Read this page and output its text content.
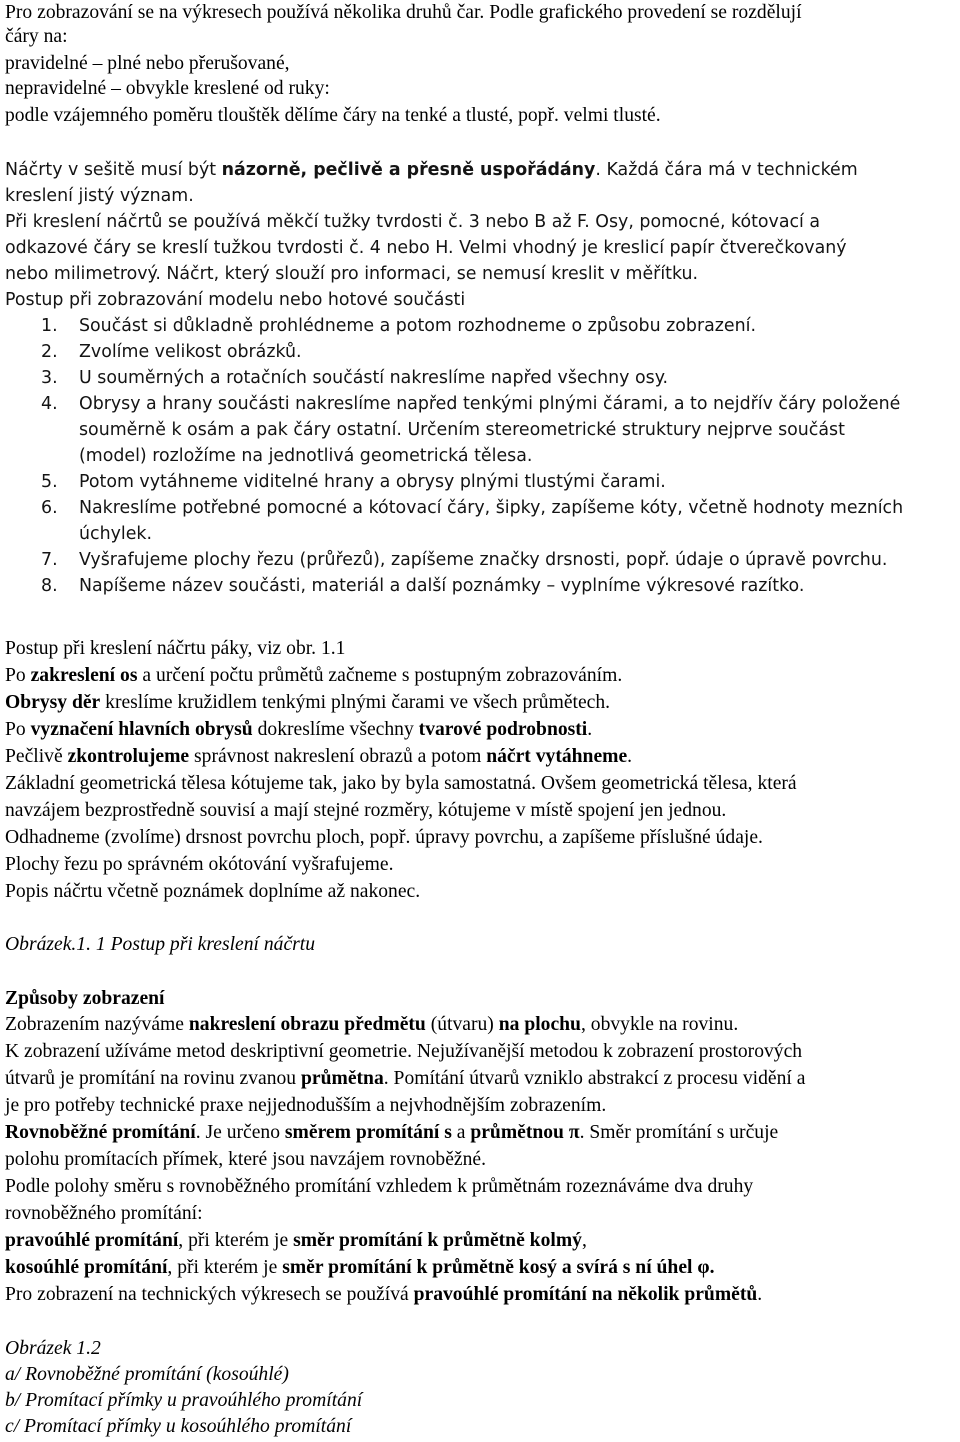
Pro zobrazování se na výkresech používá několika druhů čar. Podle grafického provedení se rozdělují
čáry na:
pravidelné – plné nebo přerušované,
nepravidelné – obvykle kreslené od ruky:
podle vzájemného poměru tlouštěk dělíme čáry na tenké a tlusté, popř. velmi tlusté.
Náčrty v sešitě musí být názorně, pečlivě a přesně uspořádány. Každá čára má v technickém
kreslení jistý význam.
Při kreslení náčrtů se používá měkčí tužky tvrdosti č. 3 nebo B až F. Osy, pomocné, kótovací a
odkazové čáry se kreslí tužkou tvrdosti č. 4 nebo H. Velmi vhodný je kreslicí papír čtverečkovaný
nebo milimetrový. Náčrt, který slouží pro informaci, se nemusí kreslit v měřítku.
Postup při zobrazování modelu nebo hotové součásti
1. Součást si důkladně prohlédneme a potom rozhodneme o způsobu zobrazení.
2. Zvolíme velikost obrázků.
3. U souměrných a rotačních součástí nakreslíme napřed všechny osy.
4. Obrysy a hrany součásti nakreslíme napřed tenkými plnými čárami, a to nejdřív čáry položené
souměrně k osám a pak čáry ostatní. Určením stereometrické struktury nejprve součást
(model) rozložíme na jednotlivá geometrická tělesa.
5. Potom vytáhneme viditelné hrany a obrysy plnými tlustými čarami.
6. Nakreslíme potřebné pomocné a kótovací čáry, šipky, zapíšeme kóty, včetně hodnoty mezních
úchylek.
7. Vyšrafujeme plochy řezu (průřezů), zapíšeme značky drsnosti, popř. údaje o úpravě povrchu.
8. Napíšeme název součásti, materiál a další poznámky – vyplníme výkresové razítko.
Postup při kreslení náčrtu páky, viz obr. 1.1
Po zakreslení os a určení počtu průmětů začneme s postupným zobrazováním.
Obrysy děr kreslíme kružidlem tenkými plnými čarami ve všech průmětech.
Po vyznačení hlavních obrysů dokreslíme všechny tvarové podrobnosti.
Pečlivě zkontrolujeme správnost nakreslení obrazů a potom náčrt vytáhneme.
Základní geometrická tělesa kótujeme tak, jako by byla samostatná. Ovšem geometrická tělesa, která
navzájem bezprostředně souvisí a mají stejné rozměry, kótujeme v místě spojení jen jednou.
Odhadneme (zvolíme) drsnost povrchu ploch, popř. úpravy povrchu, a zapíšeme příslušné údaje.
Plochy řezu po správném okótování vyšrafujeme.
Popis náčrtu včetně poznámek doplníme až nakonec.
Obrázek.1. 1 Postup při kreslení náčrtu
Způsoby zobrazení
Zobrazením nazýváme nakreslení obrazu předmětu (útvaru) na plochu, obvykle na rovinu.
K zobrazení užíváme metod deskriptivní geometrie. Nejužívanější metodou k zobrazení prostorových
útvarů je promítání na rovinu zvanou průmětna. Pomítání útvarů vzniklo abstrakcí z procesu vidění a
je pro potřeby technické praxe nejjednodušším a nejvhodnějším zobrazením.
Rovnoběžné promítání. Je určeno směrem promítání s a průmětnou π. Směr promítání s určuje
polohu promítacích přímek, které jsou navzájem rovnoběžné.
Podle polohy směru s rovnoběžného promítání vzhledem k průmětnám rozeznáváme dva druhy
rovnoběžného promítání:
pravoúhlé promítání, při kterém je směr promítání k průmětně kolmý,
kosoúhlé promítání, při kterém je směr promítání k průmětně kosý a svírá s ní úhel φ.
Pro zobrazení na technických výkresech se používá pravoúhlé promítání na několik průmětů.
Obrázek 1.2
a/ Rovnoběžné promítání (kosoúhlé)
b/ Promítací přímky u pravoúhlého promítání
c/ Promítací přímky u kosoúhlého promítání
